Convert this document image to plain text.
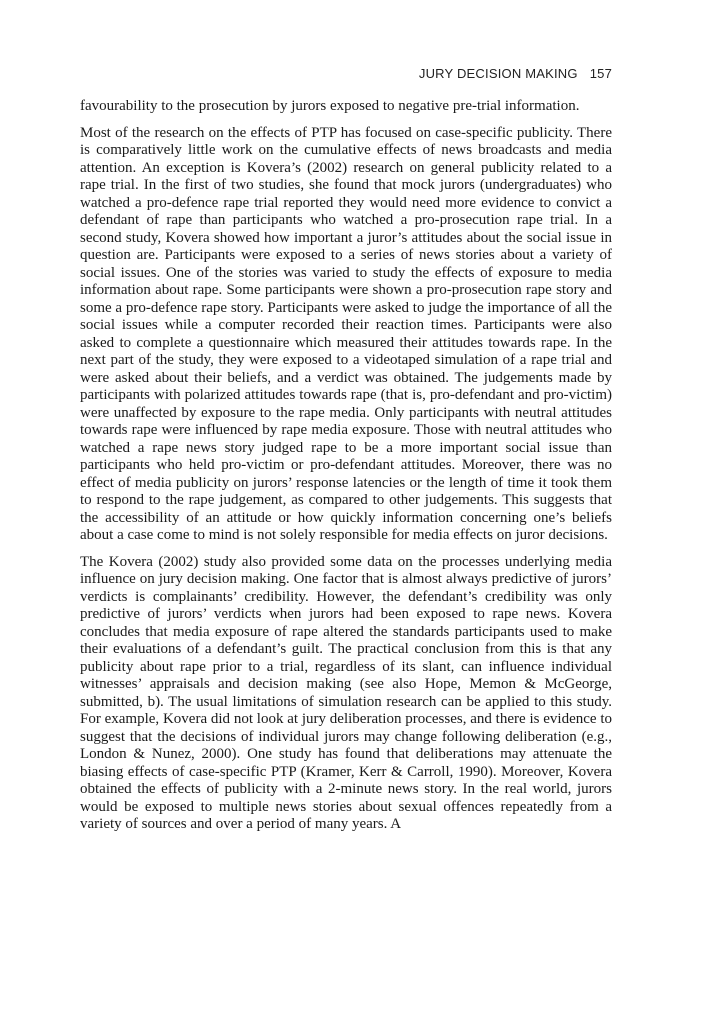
JURY DECISION MAKING 157

favourability to the prosecution by jurors exposed to negative pre-trial information.

Most of the research on the effects of PTP has focused on case-specific publicity. There is comparatively little work on the cumulative effects of news broadcasts and media attention. An exception is Kovera’s (2002) research on general publicity related to a rape trial. In the first of two studies, she found that mock jurors (undergraduates) who watched a pro-defence rape trial reported they would need more evidence to convict a defendant of rape than participants who watched a pro-prosecution rape trial. In a second study, Kovera showed how important a juror’s attitudes about the social issue in question are. Participants were exposed to a series of news stories about a variety of social issues. One of the stories was varied to study the effects of exposure to media information about rape. Some participants were shown a pro-prosecution rape story and some a pro-defence rape story. Participants were asked to judge the importance of all the social issues while a computer recorded their reaction times. Participants were also asked to complete a questionnaire which measured their attitudes towards rape. In the next part of the study, they were exposed to a videotaped simulation of a rape trial and were asked about their beliefs, and a verdict was obtained. The judgements made by participants with polarized attitudes towards rape (that is, pro-defendant and pro-victim) were unaffected by exposure to the rape media. Only participants with neutral attitudes towards rape were influenced by rape media exposure. Those with neutral attitudes who watched a rape news story judged rape to be a more important social issue than participants who held pro-victim or pro-defendant attitudes. Moreover, there was no effect of media publicity on jurors’ response latencies or the length of time it took them to respond to the rape judgement, as compared to other judgements. This suggests that the accessibility of an attitude or how quickly information concerning one’s beliefs about a case come to mind is not solely responsible for media effects on juror decisions.

The Kovera (2002) study also provided some data on the processes underlying media influence on jury decision making. One factor that is almost always predictive of jurors’ verdicts is complainants’ credibility. However, the defendant’s credibility was only predictive of jurors’ verdicts when jurors had been exposed to rape news. Kovera concludes that media exposure of rape altered the standards participants used to make their evaluations of a defendant’s guilt. The practical conclusion from this is that any publicity about rape prior to a trial, regardless of its slant, can influence individual witnesses’ appraisals and decision making (see also Hope, Memon & McGeorge, submitted, b). The usual limitations of simulation research can be applied to this study. For example, Kovera did not look at jury deliberation processes, and there is evidence to suggest that the decisions of individual jurors may change following deliberation (e.g., London & Nunez, 2000). One study has found that deliberations may attenuate the biasing effects of case-specific PTP (Kramer, Kerr & Carroll, 1990). Moreover, Kovera obtained the effects of publicity with a 2-minute news story. In the real world, jurors would be exposed to multiple news stories about sexual offences repeatedly from a variety of sources and over a period of many years. A
